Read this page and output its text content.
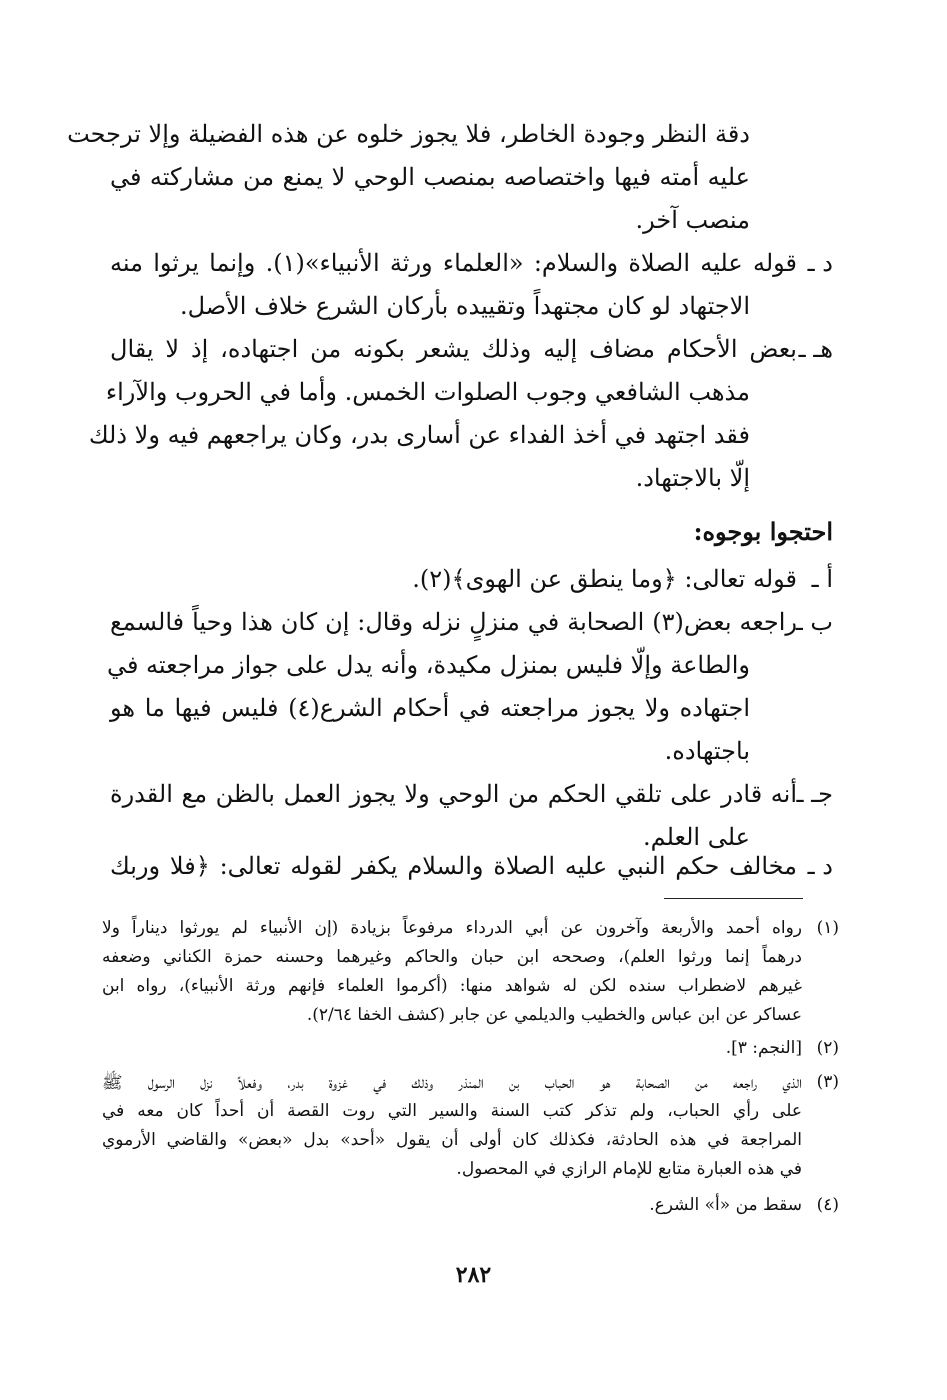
دقة النظر وجودة الخاطر، فلا يجوز خلوه عن هذه الفضيلة وإلا ترجحت
عليه أمته فيها واختصاصه بمنصب الوحي لا يمنع من مشاركته في
منصب آخر.
د ـ
قوله عليه الصلاة والسلام: «العلماء ورثة الأنبياء»(١). وإنما يرثوا منه
الاجتهاد لو كان مجتهداً وتقييده بأركان الشرع خلاف الأصل.
هـ ـ
بعض الأحكام مضاف إليه وذلك يشعر بكونه من اجتهاده، إذ لا يقال
مذهب الشافعي وجوب الصلوات الخمس. وأما في الحروب والآراء
فقد اجتهد في أخذ الفداء عن أسارى بدر، وكان يراجعهم فيه ولا ذلك
إلّا بالاجتهاد.
احتجوا بوجوه:
أ ـ
قوله تعالى: ﴿وما ينطق عن الهوى﴾(٢).
ب ـ
راجعه بعض(٣) الصحابة في منزلٍ نزله وقال: إن كان هذا وحياً فالسمع
والطاعة وإلّا فليس بمنزل مكيدة، وأنه يدل على جواز مراجعته في
اجتهاده ولا يجوز مراجعته في أحكام الشرع(٤) فليس فيها ما هو
باجتهاده.
جـ ـ
أنه قادر على تلقي الحكم من الوحي ولا يجوز العمل بالظن مع القدرة
على العلم.
د ـ
مخالف حكم النبي عليه الصلاة والسلام يكفر لقوله تعالى: ﴿فلا وربك
(١)
رواه أحمد والأربعة وآخرون عن أبي الدرداء مرفوعاً بزيادة (إن الأنبياء لم يورثوا ديناراً ولا
درهماً إنما ورثوا العلم)، وصححه ابن حبان والحاكم وغيرهما وحسنه حمزة الكناني وضعفه
غيرهم لاضطراب سنده لكن له شواهد منها: (أكرموا العلماء فإنهم ورثة الأنبياء)، رواه ابن
عساكر عن ابن عباس والخطيب والديلمي عن جابر (كشف الخفا ٢/٦٤).
(٢)
[النجم: ٣].
(٣)
الذي راجعه من الصحابة هو الحباب بن المنذر وذلك في غزوة بدر، وفعلاً نزل الرسول ﷺ
على رأي الحباب، ولم تذكر كتب السنة والسير التي روت القصة أن أحداً كان معه في
المراجعة في هذه الحادثة، فكذلك كان أولى أن يقول «أحد» بدل «بعض» والقاضي الأرموي
في هذه العبارة متابع للإمام الرازي في المحصول.
(٤)
سقط من «أ» الشرع.
٢٨٢
